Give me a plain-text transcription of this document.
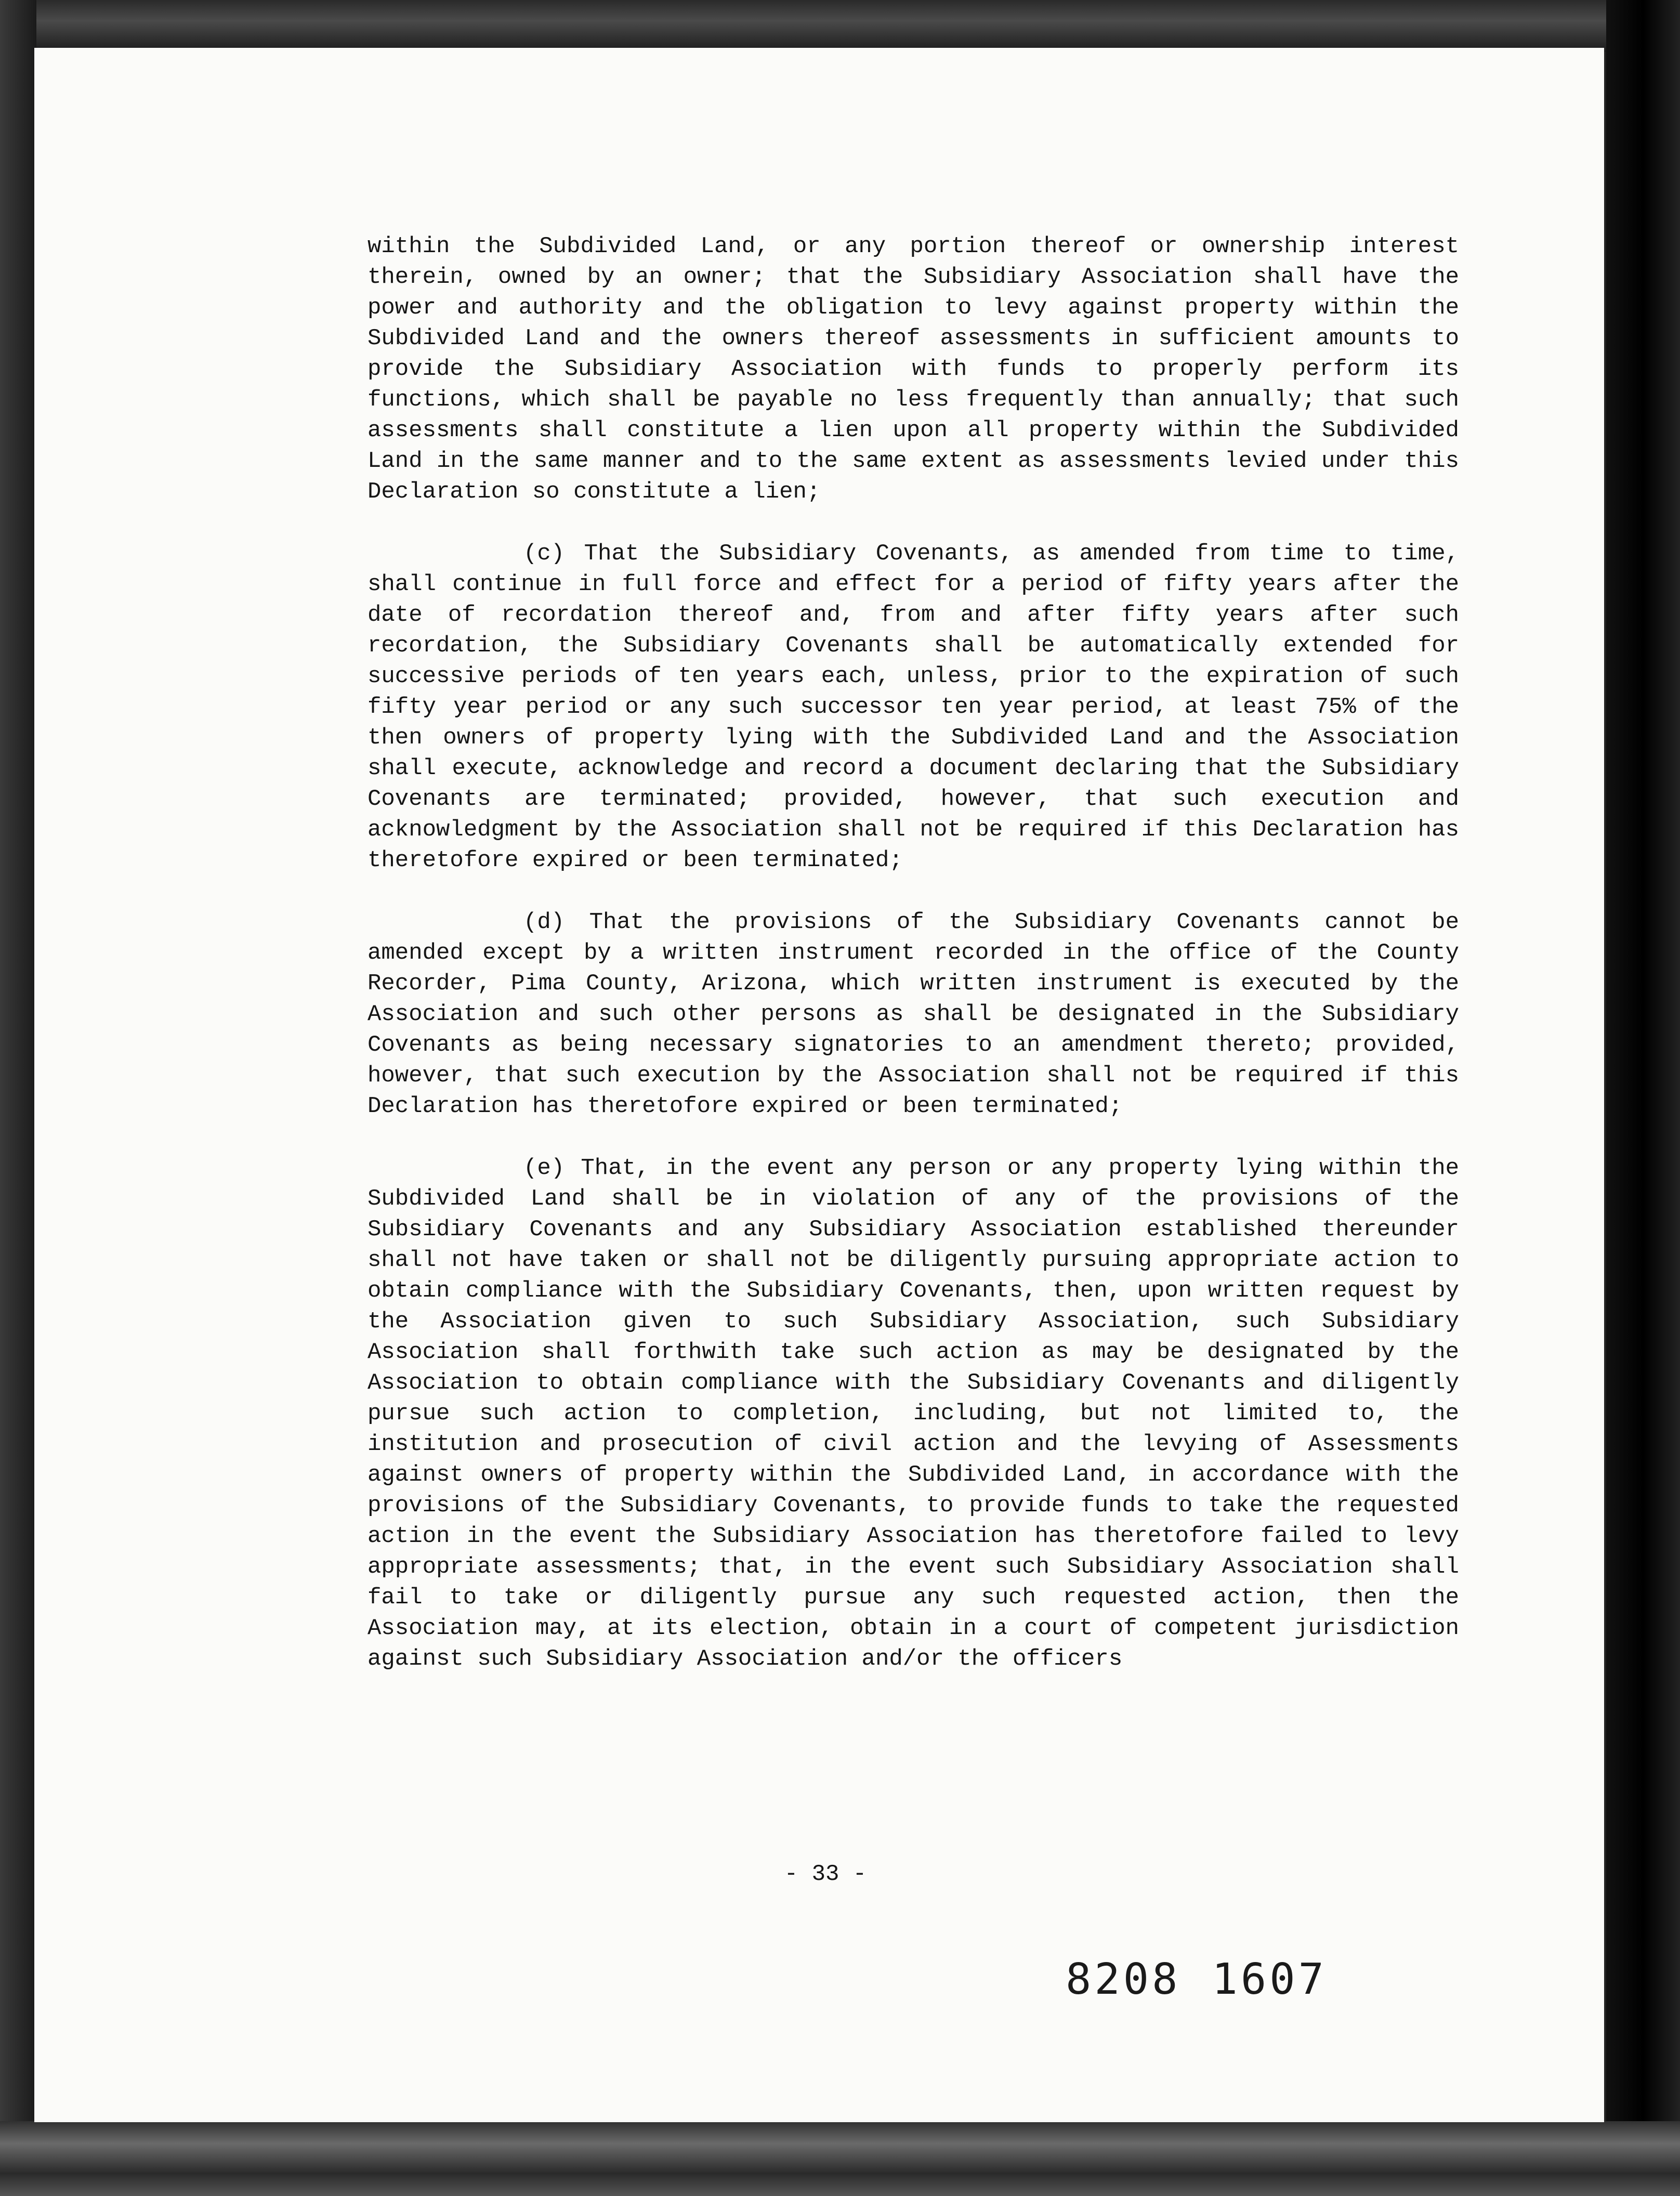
within the Subdivided Land, or any portion thereof or ownership interest therein, owned by an owner; that the Subsidiary Association shall have the power and authority and the obligation to levy against property within the Subdivided Land and the owners thereof assessments in sufficient amounts to provide the Subsidiary Association with funds to properly perform its functions, which shall be payable no less frequently than annually; that such assessments shall constitute a lien upon all property within the Subdivided Land in the same manner and to the same extent as assessments levied under this Declaration so constitute a lien;

(c) That the Subsidiary Covenants, as amended from time to time, shall continue in full force and effect for a period of fifty years after the date of recordation thereof and, from and after fifty years after such recordation, the Subsidiary Covenants shall be automatically extended for successive periods of ten years each, unless, prior to the expiration of such fifty year period or any such successor ten year period, at least 75% of the then owners of property lying with the Subdivided Land and the Association shall execute, acknowledge and record a document declaring that the Subsidiary Covenants are terminated; provided, however, that such execution and acknowledgment by the Association shall not be required if this Declaration has theretofore expired or been terminated;

(d) That the provisions of the Subsidiary Covenants cannot be amended except by a written instrument recorded in the office of the County Recorder, Pima County, Arizona, which written instrument is executed by the Association and such other persons as shall be designated in the Subsidiary Covenants as being necessary signatories to an amendment thereto; provided, however, that such execution by the Association shall not be required if this Declaration has theretofore expired or been terminated;

(e) That, in the event any person or any property lying within the Subdivided Land shall be in violation of any of the provisions of the Subsidiary Covenants and any Subsidiary Association established thereunder shall not have taken or shall not be diligently pursuing appropriate action to obtain compliance with the Subsidiary Covenants, then, upon written request by the Association given to such Subsidiary Association, such Subsidiary Association shall forthwith take such action as may be designated by the Association to obtain compliance with the Subsidiary Covenants and diligently pursue such action to completion, including, but not limited to, the institution and prosecution of civil action and the levying of Assessments against owners of property within the Subdivided Land, in accordance with the provisions of the Subsidiary Covenants, to provide funds to take the requested action in the event the Subsidiary Association has theretofore failed to levy appropriate assessments; that, in the event such Subsidiary Association shall fail to take or diligently pursue any such requested action, then the Association may, at its election, obtain in a court of competent jurisdiction against such Subsidiary Association and/or the officers

- 33 -
8208 1607
